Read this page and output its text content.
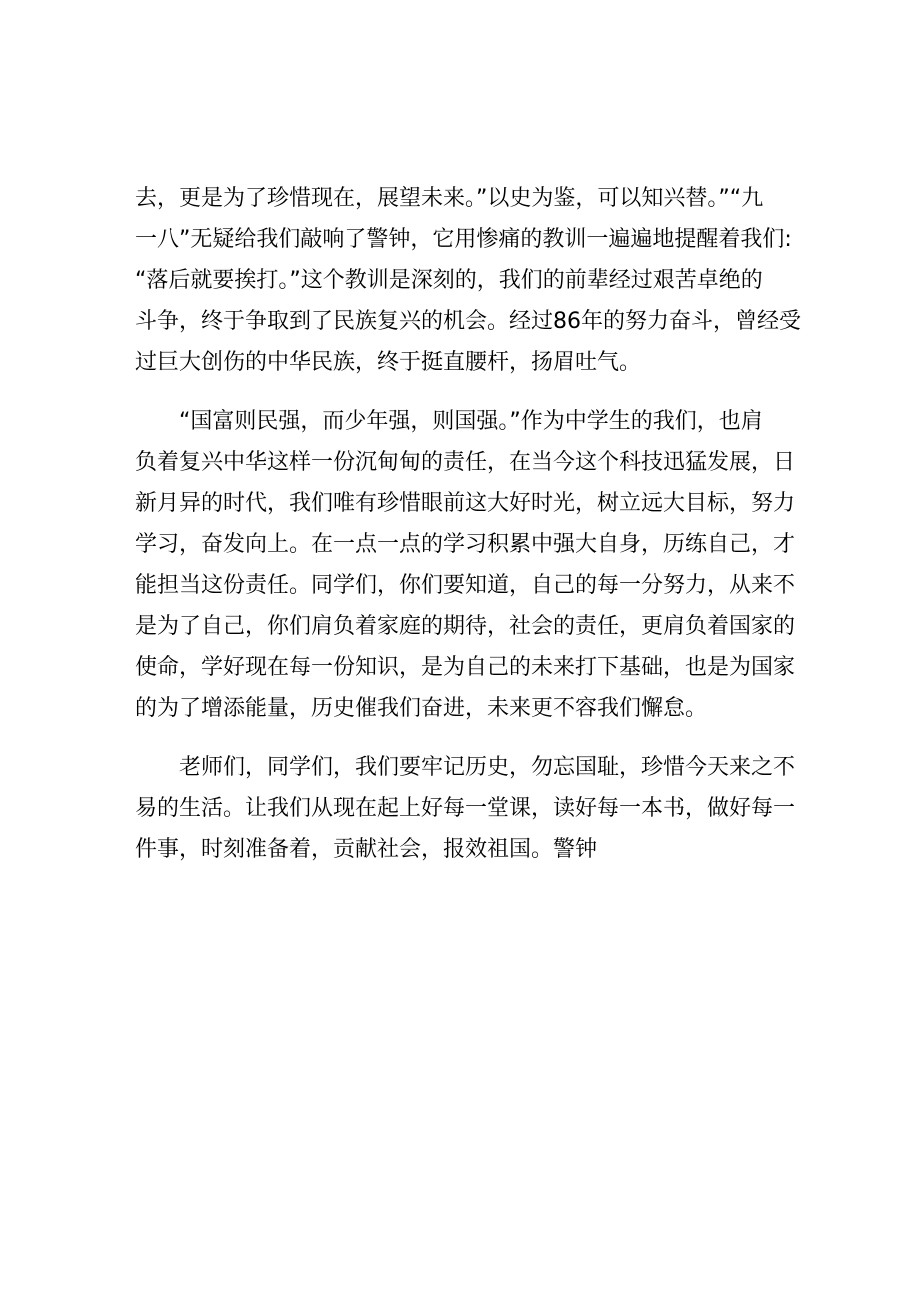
去，更是为了珍惜现在，展望未来。”以史为鉴，可以知兴替。”“九
一八”无疑给我们敲响了警钟，它用惨痛的教训一遍遍地提醒着我们:
“落后就要挨打。”这个教训是深刻的，我们的前辈经过艰苦卓绝的
斗争，终于争取到了民族复兴的机会。经过86年的努力奋斗，曾经受
过巨大创伤的中华民族，终于挺直腰杆，扬眉吐气。
“国富则民强，而少年强，则国强。”作为中学生的我们，也肩
负着复兴中华这样一份沉甸甸的责任，在当今这个科技迅猛发展，日
新月异的时代，我们唯有珍惜眼前这大好时光，树立远大目标，努力
学习，奋发向上。在一点一点的学习积累中强大自身，历练自己，才
能担当这份责任。同学们，你们要知道，自己的每一分努力，从来不
是为了自己，你们肩负着家庭的期待，社会的责任，更肩负着国家的
使命，学好现在每一份知识，是为自己的未来打下基础，也是为国家
的为了增添能量，历史催我们奋进，未来更不容我们懈怠。
老师们，同学们，我们要牢记历史，勿忘国耻，珍惜今天来之不
易的生活。让我们从现在起上好每一堂课，读好每一本书，做好每一
件事，时刻准备着，贡献社会，报效祖国。警钟
